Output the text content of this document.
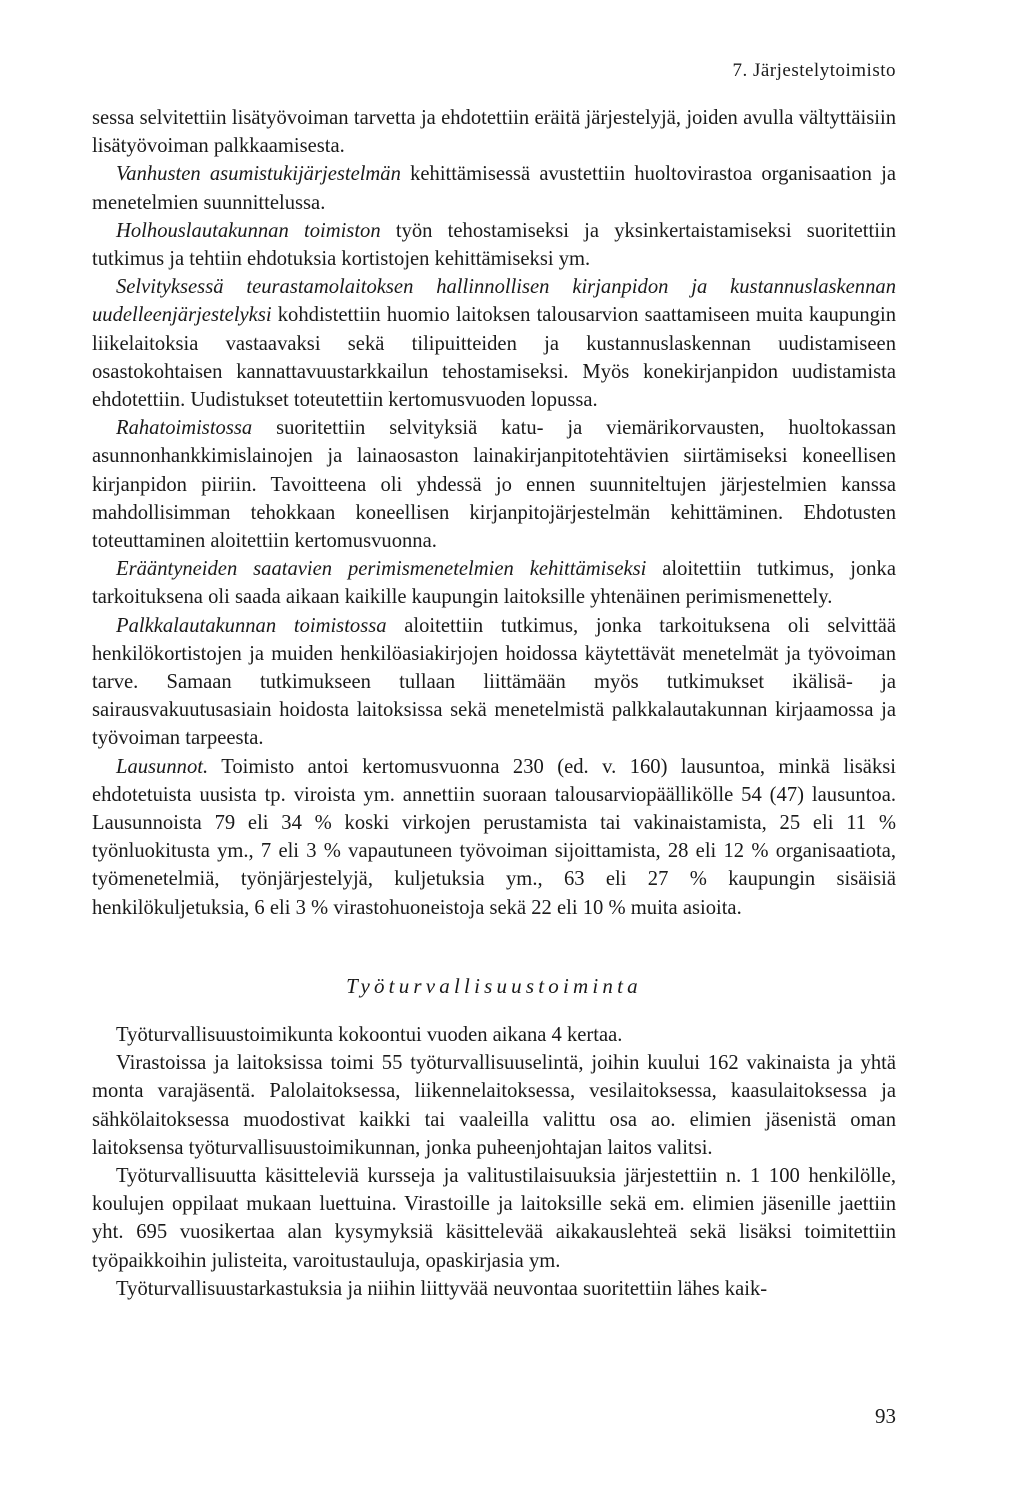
7. Järjestelytoimisto

sessa selvitettiin lisätyövoiman tarvetta ja ehdotettiin eräitä järjestelyjä, joiden avulla vältyttäisiin lisätyövoiman palkkaamisesta.

Vanhusten asumistukijärjestelmän kehittämisessä avustettiin huoltovirastoa organisaation ja menetelmien suunnittelussa.

Holhouslautakunnan toimiston työn tehostamiseksi ja yksinkertaistamiseksi suoritettiin tutkimus ja tehtiin ehdotuksia kortistojen kehittämiseksi ym.

Selvityksessä teurastamolaitoksen hallinnollisen kirjanpidon ja kustannuslaskennan uudelleenjärjestelyksi kohdistettiin huomio laitoksen talousarvion saattamiseen muita kaupungin liikelaitoksia vastaavaksi sekä tilipuitteiden ja kustannuslaskennan uudistamiseen osastokohtaisen kannattavuustarkkailun tehostamiseksi. Myös konekirjanpidon uudistamista ehdotettiin. Uudistukset toteutettiin kertomusvuoden lopussa.

Rahatoimistossa suoritettiin selvityksiä katu- ja viemärikorvausten, huoltokassan asunnonhankkimislainojen ja lainaosaston lainakirjanpitotehtävien siirtämiseksi koneellisen kirjanpidon piiriin. Tavoitteena oli yhdessä jo ennen suunniteltujen järjestelmien kanssa mahdollisimman tehokkaan koneellisen kirjanpitojärjestelmän kehittäminen. Ehdotusten toteuttaminen aloitettiin kertomusvuonna.

Erääntyneiden saatavien perimismenetelmien kehittämiseksi aloitettiin tutkimus, jonka tarkoituksena oli saada aikaan kaikille kaupungin laitoksille yhtenäinen perimismenettely.

Palkkalautakunnan toimistossa aloitettiin tutkimus, jonka tarkoituksena oli selvittää henkilökortistojen ja muiden henkilöasiakirjojen hoidossa käytettävät menetelmät ja työvoiman tarve. Samaan tutkimukseen tullaan liittämään myös tutkimukset ikälisä- ja sairausvakuutusasiain hoidosta laitoksissa sekä menetelmistä palkkalautakunnan kirjaamossa ja työvoiman tarpeesta.

Lausunnot. Toimisto antoi kertomusvuonna 230 (ed. v. 160) lausuntoa, minkä lisäksi ehdotetuista uusista tp. viroista ym. annettiin suoraan talousarviopäällikölle 54 (47) lausuntoa. Lausunnoista 79 eli 34 % koski virkojen perustamista tai vakinaistamista, 25 eli 11 % työnluokitusta ym., 7 eli 3 % vapautuneen työvoiman sijoittamista, 28 eli 12 % organisaatiota, työmenetelmiä, työnjärjestelyjä, kuljetuksia ym., 63 eli 27 % kaupungin sisäisiä henkilökuljetuksia, 6 eli 3 % virastohuoneistoja sekä 22 eli 10 % muita asioita.

Työturvallisuustoiminta

Työturvallisuustoimikunta kokoontui vuoden aikana 4 kertaa.

Virastoissa ja laitoksissa toimi 55 työturvallisuuselintä, joihin kuului 162 vakinaista ja yhtä monta varajäsentä. Palolaitoksessa, liikennelaitoksessa, vesilaitoksessa, kaasulaitoksessa ja sähkölaitoksessa muodostivat kaikki tai vaaleilla valittu osa ao. elimien jäsenistä oman laitoksensa työturvallisuustoimikunnan, jonka puheenjohtajan laitos valitsi.

Työturvallisuutta käsitteleviä kursseja ja valitustilaisuuksia järjestettiin n. 1 100 henkilölle, koulujen oppilaat mukaan luettuina. Virastoille ja laitoksille sekä em. elimien jäsenille jaettiin yht. 695 vuosikertaa alan kysymyksiä käsittelevää aikakauslehteä sekä lisäksi toimitettiin työpaikkoihin julisteita, varoitustauluja, opaskirjasia ym.

Työturvallisuustarkastuksia ja niihin liittyvää neuvontaa suoritettiin lähes kaik-

93
